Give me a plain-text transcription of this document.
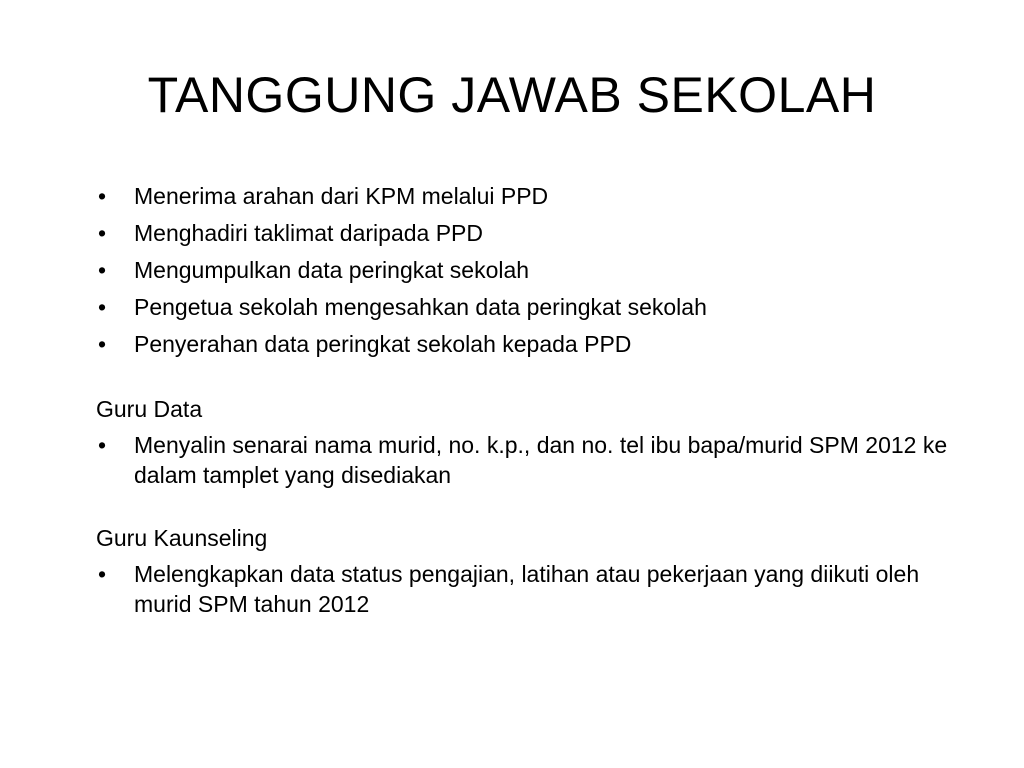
TANGGUNG JAWAB SEKOLAH
• Menerima arahan dari KPM melalui PPD
• Menghadiri taklimat daripada PPD
• Mengumpulkan data peringkat sekolah
• Pengetua sekolah mengesahkan data peringkat sekolah
• Penyerahan data peringkat sekolah kepada PPD
Guru Data
• Menyalin senarai nama murid, no. k.p., dan no. tel ibu bapa/murid SPM 2012 ke dalam tamplet yang disediakan
Guru Kaunseling
• Melengkapkan data status pengajian, latihan atau pekerjaan yang diikuti oleh murid SPM tahun 2012
